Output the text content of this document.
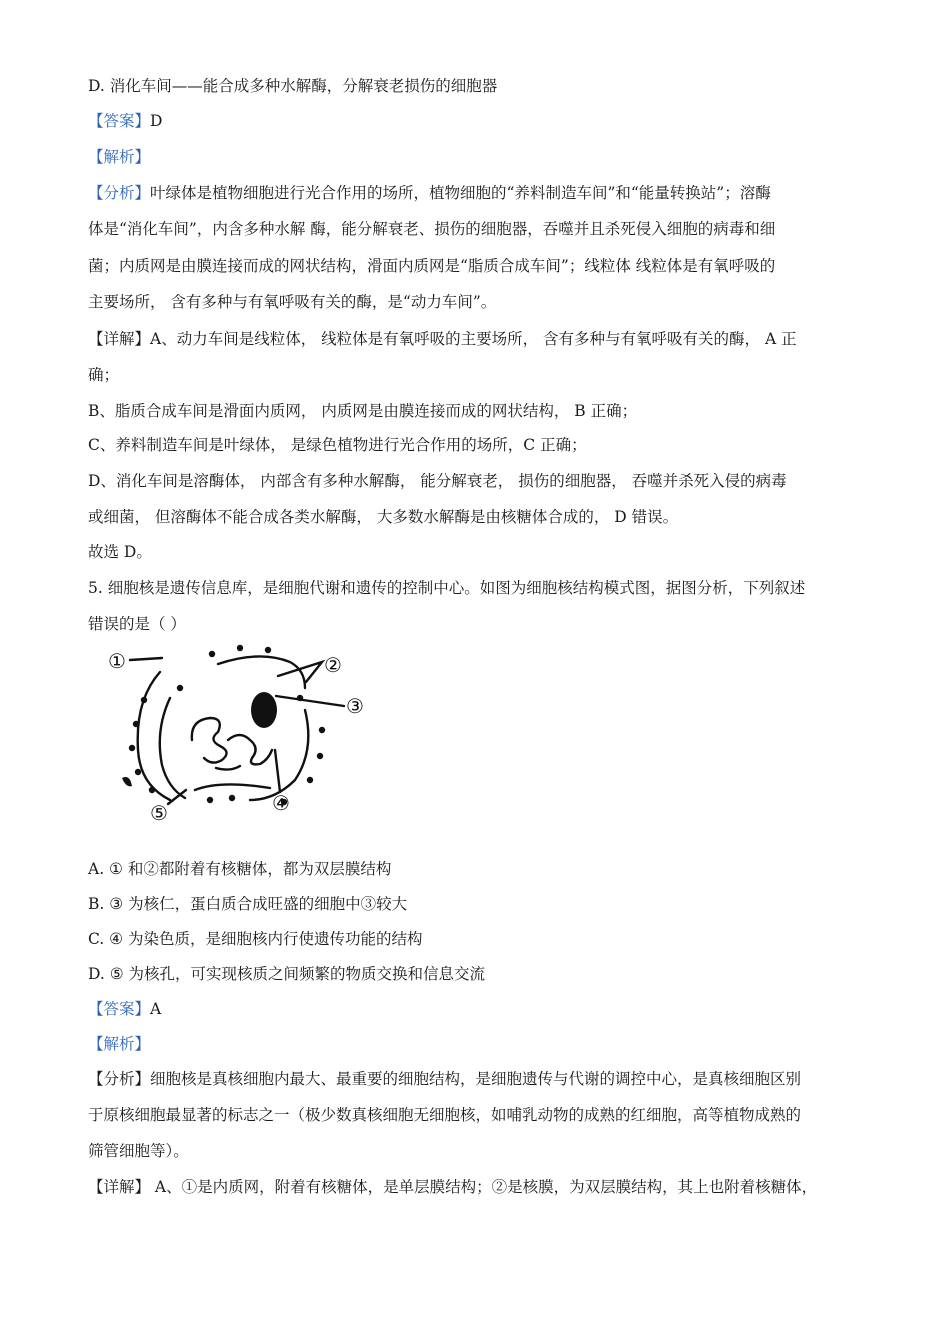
D. 消化车间——能合成多种水解酶，分解衰老损伤的细胞器
【答案】D
【解析】
【分析】叶绿体是植物细胞进行光合作用的场所，植物细胞的“养料制造车间”和“能量转换站”；溶酶
体是“消化车间”，内含多种水解 酶，能分解衰老、损伤的细胞器，吞噬并且杀死侵入细胞的病毒和细
菌；内质网是由膜连接而成的网状结构，滑面内质网是“脂质合成车间”；线粒体 线粒体是有氧呼吸的
主要场所， 含有多种与有氧呼吸有关的酶，是“动力车间”。
【详解】A、动力车间是线粒体， 线粒体是有氧呼吸的主要场所， 含有多种与有氧呼吸有关的酶， A 正
确；
B、脂质合成车间是滑面内质网， 内质网是由膜连接而成的网状结构， B 正确；
C、养料制造车间是叶绿体， 是绿色植物进行光合作用的场所，C 正确；
D、消化车间是溶酶体， 内部含有多种水解酶， 能分解衰老， 损伤的细胞器， 吞噬并杀死入侵的病毒
或细菌， 但溶酶体不能合成各类水解酶， 大多数水解酶是由核糖体合成的， D 错误。
故选 D。
5. 细胞核是遗传信息库，是细胞代谢和遗传的控制中心。如图为细胞核结构模式图，据图分析，下列叙述
错误的是（ ）
①	②
③
④
⑤
A. ① 和②都附着有核糖体，都为双层膜结构
B. ③ 为核仁，蛋白质合成旺盛的细胞中③较大
C. ④ 为染色质，是细胞核内行使遗传功能的结构
D. ⑤ 为核孔，可实现核质之间频繁的物质交换和信息交流
【答案】A
【解析】
【分析】细胞核是真核细胞内最大、最重要的细胞结构，是细胞遗传与代谢的调控中心，是真核细胞区别
于原核细胞最显著的标志之一（极少数真核细胞无细胞核，如哺乳动物的成熟的红细胞，高等植物成熟的
筛管细胞等）。
【详解】 A、①是内质网，附着有核糖体，是单层膜结构；②是核膜，为双层膜结构，其上也附着核糖体，
